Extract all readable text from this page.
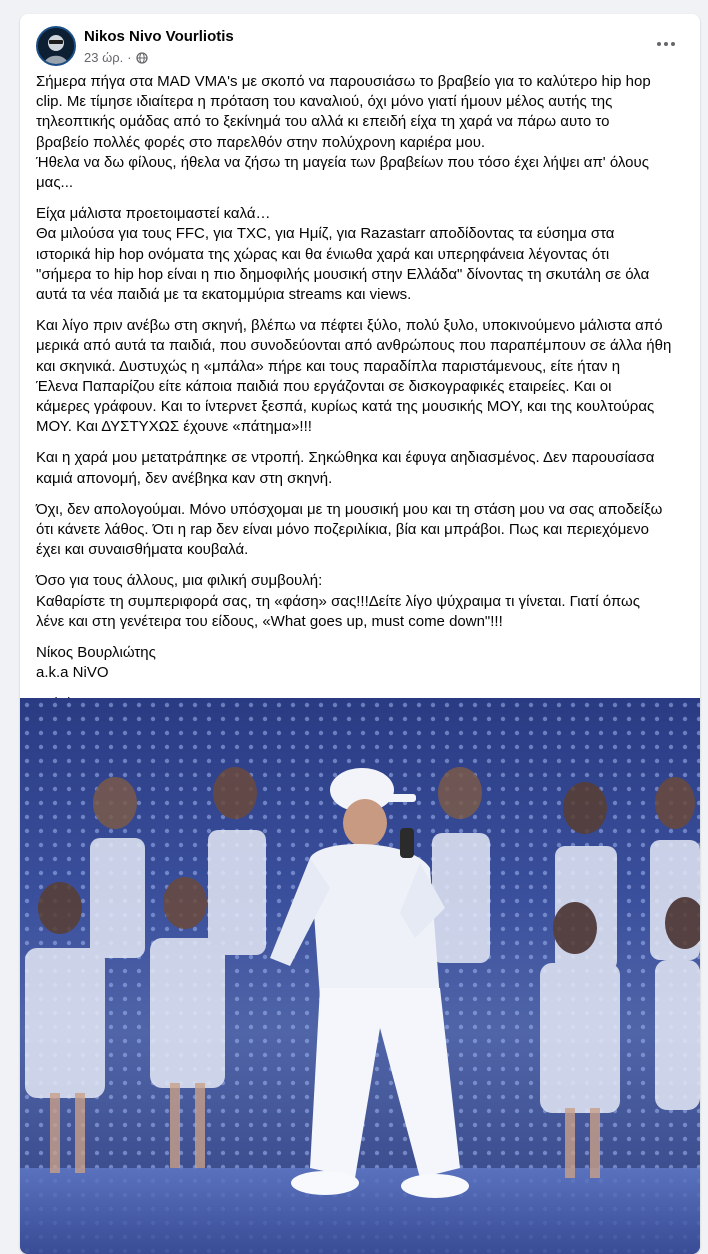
Nikos Nivo Vourliotis
23 ώρ. ·

Σήμερα πήγα στα MAD VMA's με σκοπό να παρουσιάσω το βραβείο για το καλύτερο hip hop
clip. Με τίμησε ιδιαίτερα η πρόταση του καναλιού, όχι μόνο γιατί ήμουν μέλος αυτής της
τηλεοπτικής ομάδας από το ξεκίνημά του αλλά κι επειδή είχα τη χαρά να πάρω αυτο το
βραβείο πολλές φορές στο παρελθόν στην πολύχρονη καριέρα μου.
Ήθελα να δω φίλους, ήθελα να ζήσω τη μαγεία των βραβείων που τόσο έχει λήψει απ' όλους
μας...

Είχα μάλιστα προετοιμαστεί καλά…
Θα μιλούσα για τους FFC, για TXC, για Ημίζ, για Razastarr αποδίδοντας τα εύσημα στα
ιστορικά hip hop ονόματα της χώρας και θα ένιωθα χαρά και υπερηφάνεια λέγοντας ότι
"σήμερα το hip hop είναι η πιο δημοφιλής μουσική στην Ελλάδα" δίνοντας τη σκυτάλη σε όλα
αυτά τα νέα παιδιά με τα εκατομμύρια streams και views.

Και λίγο πριν ανέβω στη σκηνή, βλέπω να πέφτει ξύλο, πολύ ξυλο, υποκινούμενο μάλιστα από
μερικά από αυτά τα παιδιά, που συνοδεύονται από ανθρώπους που παραπέμπουν σε άλλα ήθη
και σκηνικά. Δυστυχώς η «μπάλα» πήρε και τους παραδίπλα παριστάμενους, είτε ήταν η
Έλενα Παπαρίζου είτε κάποια παιδιά που εργάζονται σε δισκογραφικές εταιρείες. Και οι
κάμερες γράφουν. Και το ίντερνετ ξεσπά, κυρίως κατά της μουσικής ΜΟΥ, και της κουλτούρας
ΜΟΥ. Και ΔΥΣΤΥΧΩΣ έχουνε «πάτημα»!!!

Και η χαρά μου μετατράπηκε σε ντροπή. Σηκώθηκα και έφυγα αηδιασμένος. Δεν παρουσίασα
καμιά απονομή, δεν ανέβηκα καν στη σκηνή.

Όχι, δεν απολογούμαι. Μόνο υπόσχομαι με τη μουσική μου και τη στάση μου να σας αποδείξω
ότι κάνετε λάθος. Ότι η rap δεν είναι μόνο ποζεριλίκια, βία και μπράβοι. Πως και περιεχόμενο
έχει και συναισθήματα κουβαλά.

Όσο για τους άλλους, μια φιλική συμβουλή:
Καθαρίστε τη συμπεριφορά σας, τη «φάση» σας!!!Δείτε λίγο ψύχραιμα τι γίνεται. Γιατί όπως
λένε και στη γενέτειρα του είδους, «What goes up, must come down"!!!

Νίκος Βουρλιώτης
a.k.a NiVO
